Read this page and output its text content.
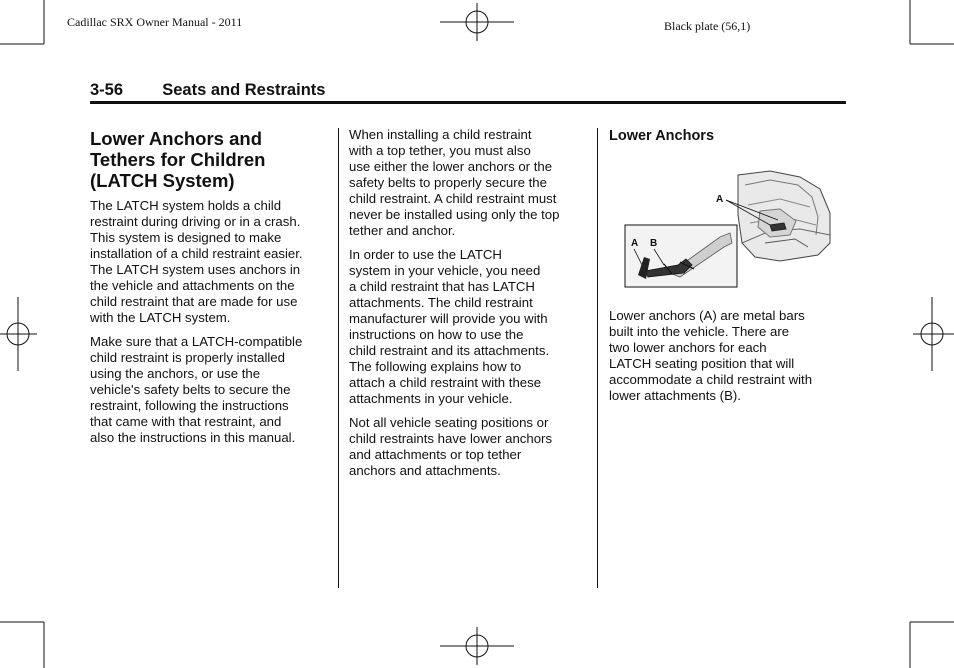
Cadillac SRX Owner Manual - 2011	Black plate (56,1)
3-56 Seats and Restraints
Lower Anchors and
Tethers for Children
(LATCH System)
The LATCH system holds a child
restraint during driving or in a crash.
This system is designed to make
installation of a child restraint easier.
The LATCH system uses anchors in
the vehicle and attachments on the
child restraint that are made for use
with the LATCH system.
Make sure that a LATCH-compatible
child restraint is properly installed
using the anchors, or use the
vehicle's safety belts to secure the
restraint, following the instructions
that came with that restraint, and
also the instructions in this manual.
When installing a child restraint
with a top tether, you must also
use either the lower anchors or the
safety belts to properly secure the
child restraint. A child restraint must
never be installed using only the top
tether and anchor.
In order to use the LATCH
system in your vehicle, you need
a child restraint that has LATCH
attachments. The child restraint
manufacturer will provide you with
instructions on how to use the
child restraint and its attachments.
The following explains how to
attach a child restraint with these
attachments in your vehicle.
Not all vehicle seating positions or
child restraints have lower anchors
and attachments or top tether
anchors and attachments.
Lower Anchors
A
A B
Lower anchors (A) are metal bars
built into the vehicle. There are
two lower anchors for each
LATCH seating position that will
accommodate a child restraint with
lower attachments (B).
